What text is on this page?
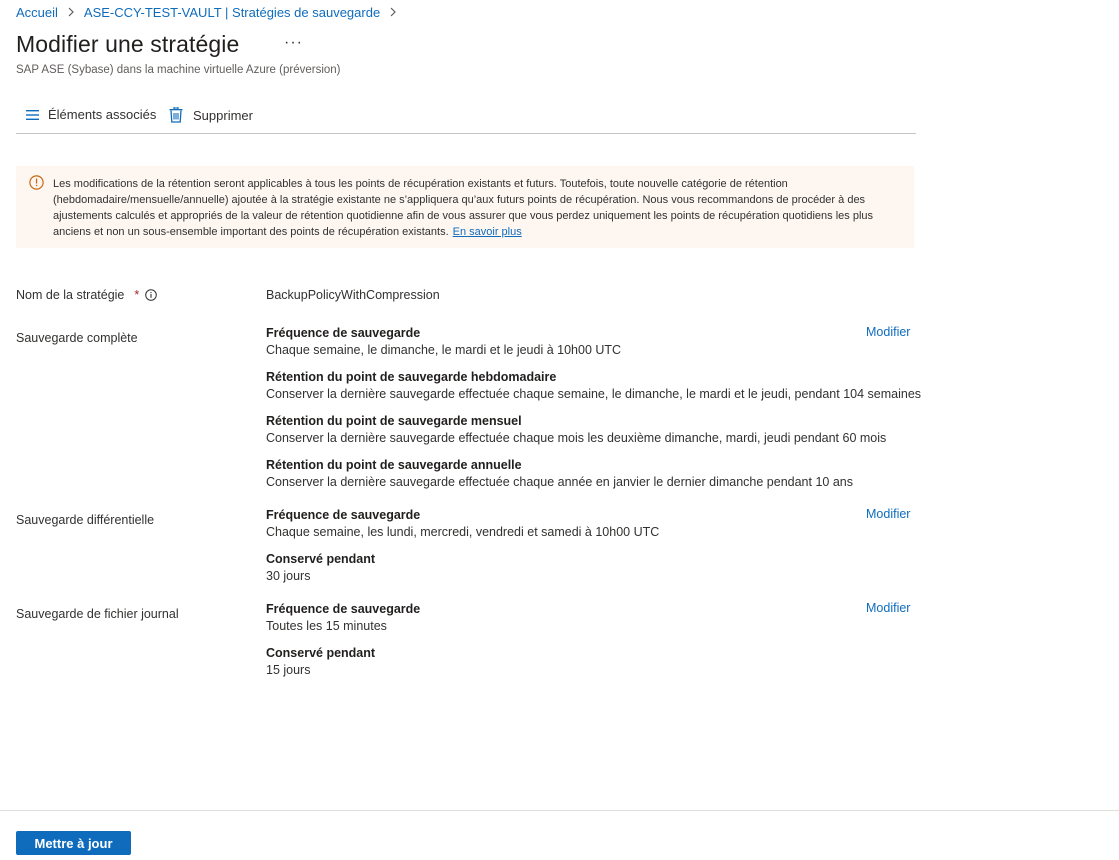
Accueil ASE-CCY-TEST-VAULT | Stratégies de sauvegarde
Modifier une stratégie	···
SAP ASE (Sybase) dans la machine virtuelle Azure (préversion)
Éléments associés	Supprimer
Les modifications de la rétention seront applicables à tous les points de récupération existants et futurs. Toutefois, toute nouvelle catégorie de rétention (hebdomadaire/mensuelle/annuelle) ajoutée à la stratégie existante ne s’appliquera qu’aux futurs points de récupération. Nous vous recommandons de procéder à des ajustements calculés et appropriés de la valeur de rétention quotidienne afin de vous assurer que vous perdez uniquement les points de récupération quotidiens les plus anciens et non un sous-ensemble important des points de récupération existants. En savoir plus
Nom de la stratégie *	BackupPolicyWithCompression
Sauvegarde complète	Modifier
Fréquence de sauvegarde
Chaque semaine, le dimanche, le mardi et le jeudi à 10h00 UTC
Rétention du point de sauvegarde hebdomadaire
Conserver la dernière sauvegarde effectuée chaque semaine, le dimanche, le mardi et le jeudi, pendant 104 semaines
Rétention du point de sauvegarde mensuel
Conserver la dernière sauvegarde effectuée chaque mois les deuxième dimanche, mardi, jeudi pendant 60 mois
Rétention du point de sauvegarde annuelle
Conserver la dernière sauvegarde effectuée chaque année en janvier le dernier dimanche pendant 10 ans
Sauvegarde différentielle	Modifier
Fréquence de sauvegarde
Chaque semaine, les lundi, mercredi, vendredi et samedi à 10h00 UTC
Conservé pendant
30 jours
Sauvegarde de fichier journal	Modifier
Fréquence de sauvegarde
Toutes les 15 minutes
Conservé pendant
15 jours
Mettre à jour
